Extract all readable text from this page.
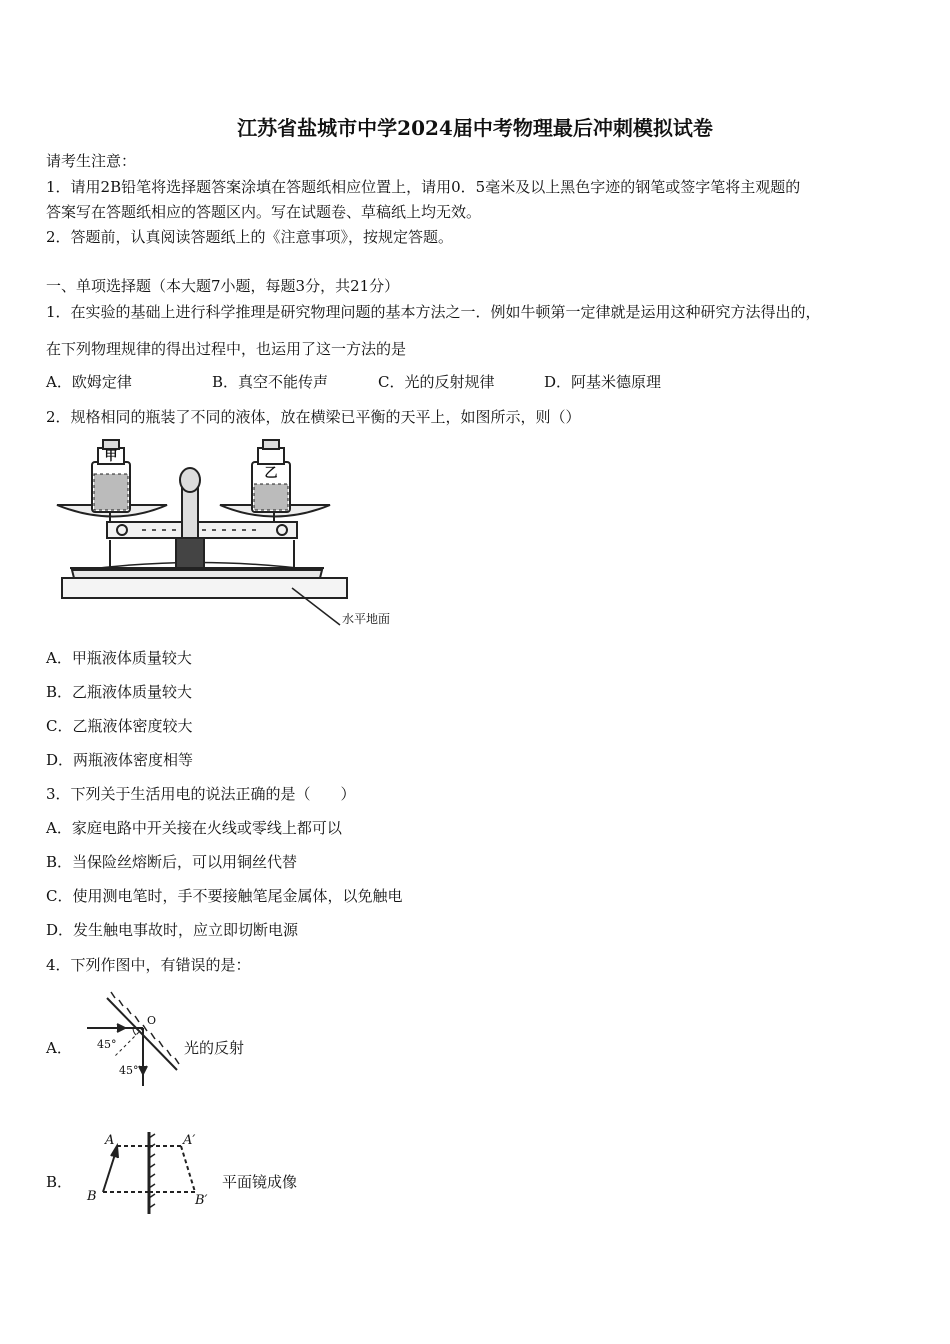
江苏省盐城市中学2024届中考物理最后冲刺模拟试卷
请考生注意：
1．请用2B铅笔将选择题答案涂填在答题纸相应位置上，请用0．5毫米及以上黑色字迹的钢笔或签字笔将主观题的
答案写在答题纸相应的答题区内。写在试题卷、草稿纸上均无效。
2．答题前，认真阅读答题纸上的《注意事项》，按规定答题。
一、单项选择题（本大题7小题，每题3分，共21分）
1．在实验的基础上进行科学推理是研究物理问题的基本方法之一．例如牛顿第一定律就是运用这种研究方法得出的，
在下列物理规律的得出过程中，也运用了这一方法的是
A．欧姆定律	B．真空不能传声	C．光的反射规律	D．阿基米德原理
2．规格相同的瓶装了不同的液体，放在横梁已平衡的天平上，如图所示，则（）
甲
乙
水平地面
A．甲瓶液体质量较大
B．乙瓶液体质量较大
C．乙瓶液体密度较大
D．两瓶液体密度相等
3．下列关于生活用电的说法正确的是（　　）
A．家庭电路中开关接在火线或零线上都可以
B．当保险丝熔断后，可以用铜丝代替
C．使用测电笔时，手不要接触笔尾金属体，以免触电
D．发生触电事故时，应立即切断电源
4．下列作图中，有错误的是：
A．
O
45°
45°
光的反射
B．
A	A′
B	B′
平面镜成像
